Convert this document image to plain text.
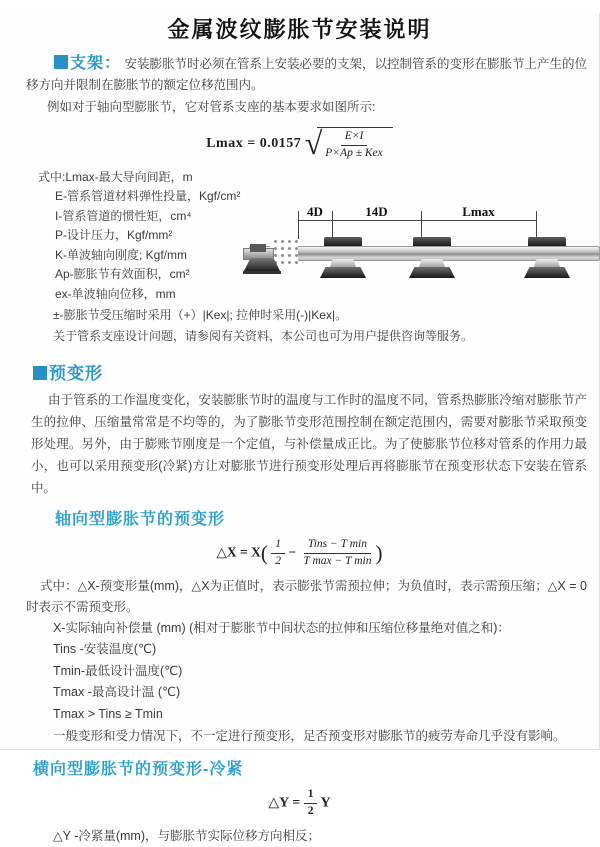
金属波纹膨胀节安装说明
支架： 安装膨胀节时必须在管系上安装必要的支架，以控制管系的变形在膨胀节上产生的位移方向并限制在膨胀节的额定位移范围内。
例如对于轴向型膨胀节，它对管系支座的基本要求如图所示:
Lmax = 0.0157 √ $\frac{E\times I}{\text{P×Ap ± Kex}}$
式中:Lmax-最大导向间距，m
E-管系管道材料弹性投量，Kgf/cm²
I-管系管道的惯性矩，cm⁴
P-设计压力，Kgf/mm²
K-单波轴向刚度; Kgf/mm
Ap-膨胀节有效面积，cm²
ex-单波轴向位移，mm
±-膨胀节受压缩时采用（+）|Kex|; 拉伸时采用(-)|Kex|。
关于管系支座设计问题，请参阅有关资料，本公司也可为用户提供咨询等服务。
4D	14D	Lmax
预变形
由于管系的工作温度变化，安装膨胀节时的温度与工作时的温度不同，管系热膨胀冷缩对膨胀节产生的拉伸、压缩量常常是不均等的，为了膨胀节变形范围控制在额定范围内，需要对膨胀节采取预变形处理。另外，由于膨账节刚度是一个定值，与补偿量成正比。为了使膨胀节位移对管系的作用力最小，也可以采用预变形(冷紧)方让对膨胀节进行预变形处理后再将膨胀节在预变形状态下安装在管系中。
轴向型膨胀节的预变形
△X = $X( \frac{1}{2} - \frac{\text{Tins − T min}}{\text{T max − T min}}$ )
式中：△X-预变形量(mm)，△X为正值时，表示膨张节需预拉伸；为负值时，表示需预压缩；△X = 0时表示不需预变形。
X-实际轴向补偿量 (mm) (相对于膨胀节中间状态的拉伸和压缩位移量绝对值之和)：
Tins -安装温度(℃)
Tmin-最低设计温度(℃)
Tmax -最高设计温 (℃)
Tmax > Tins ≥ Tmin
一般变形和受力情况下，不一定进行预变形，足否预变形对膨胀节的疲劳寿命几乎没有影响。
横向型膨胀节的预变形-冷紧
△Y = $\frac{1}{2}$ Y
△Y -冷紧量(mm)，与膨胀节实际位移方向相反；
